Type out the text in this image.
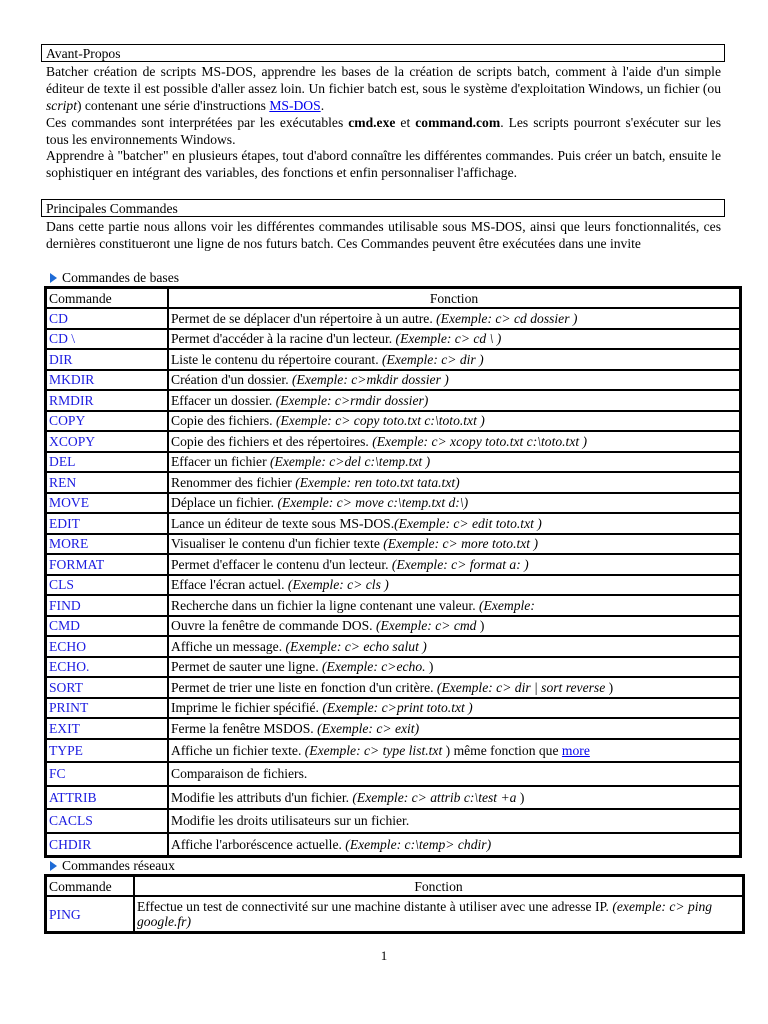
Avant-Propos

Batcher création de scripts MS-DOS, apprendre les bases de la création de scripts batch, comment à l'aide d'un simple éditeur de texte il est possible d'aller assez loin. Un fichier batch est, sous le système d'exploitation Windows, un fichier (ou script) contenant une série d'instructions MS-DOS.

Ces commandes sont interprétées par les exécutables cmd.exe et command.com. Les scripts pourront s'exécuter sur les tous les environnements Windows.

Apprendre à "batcher" en plusieurs étapes, tout d'abord connaître les différentes commandes. Puis créer un batch, ensuite le sophistiquer en intégrant des variables, des fonctions et enfin personnaliser l'affichage.

Principales Commandes

Dans cette partie nous allons voir les différentes commandes utilisable sous MS-DOS, ainsi que leurs fonctionnalités, ces dernières constitueront une ligne de nos futurs batch. Ces Commandes peuvent être exécutées dans une invite

Commandes de bases
Commande	Fonction
CD	Permet de se déplacer d'un répertoire à un autre. (Exemple: c> cd dossier )
CD \	Permet d'accéder à la racine d'un lecteur. (Exemple: c> cd \ )
DIR	Liste le contenu du répertoire courant. (Exemple: c> dir )
MKDIR	Création d'un dossier. (Exemple: c>mkdir dossier )
RMDIR	Effacer un dossier. (Exemple: c>rmdir dossier)
COPY	Copie des fichiers. (Exemple: c> copy toto.txt c:\toto.txt )
XCOPY	Copie des fichiers et des répertoires. (Exemple: c> xcopy toto.txt c:\toto.txt )
DEL	Effacer un fichier (Exemple: c>del c:\temp.txt )
REN	Renommer des fichier (Exemple: ren toto.txt tata.txt)
MOVE	Déplace un fichier. (Exemple: c> move c:\temp.txt d:\)
EDIT	Lance un éditeur de texte sous MS-DOS.(Exemple: c> edit toto.txt )
MORE	Visualiser le contenu d'un fichier texte (Exemple: c> more toto.txt )
FORMAT	Permet d'effacer le contenu d'un lecteur. (Exemple: c> format a: )
CLS	Efface l'écran actuel. (Exemple: c> cls )
FIND	Recherche dans un fichier la ligne contenant une valeur. (Exemple:
CMD	Ouvre la fenêtre de commande DOS. (Exemple: c> cmd )
ECHO	Affiche un message. (Exemple: c> echo salut )
ECHO.	Permet de sauter une ligne. (Exemple: c>echo. )
SORT	Permet de trier une liste en fonction d'un critère. (Exemple: c> dir | sort reverse )
PRINT	Imprime le fichier spécifié. (Exemple: c>print toto.txt )
EXIT	Ferme la fenêtre MSDOS. (Exemple: c> exit)
TYPE	Affiche un fichier texte. (Exemple: c> type list.txt ) même fonction que more
FC	Comparaison de fichiers.
ATTRIB	Modifie les attributs d'un fichier. (Exemple: c> attrib c:\test +a )
CACLS	Modifie les droits utilisateurs sur un fichier.
CHDIR	Affiche l'arboréscence actuelle. (Exemple: c:\temp> chdir)
Commandes réseaux
Commande	Fonction
PING	Effectue un test de connectivité sur une machine distante à utiliser avec une adresse IP. (exemple: c> ping google.fr)
1
